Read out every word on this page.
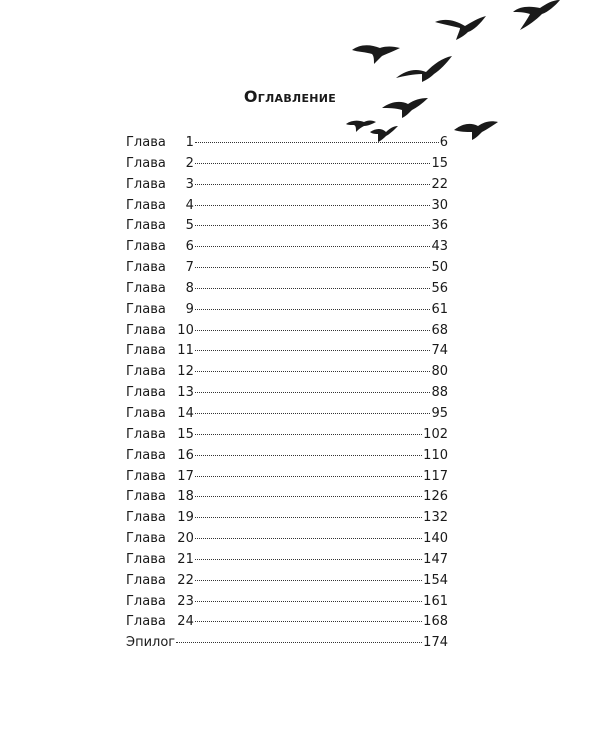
Оглавление
Глава	1	6
Глава	2	15
Глава	3	22
Глава	4	30
Глава	5	36
Глава	6	43
Глава	7	50
Глава	8	56
Глава	9	61
Глава 10	68
Глава 11	74
Глава 12	80
Глава 13	88
Глава 14	95
Глава 15	102
Глава 16	110
Глава 17	117
Глава 18	126
Глава 19	132
Глава 20	140
Глава 21	147
Глава 22	154
Глава 23	161
Глава 24	168
Эпилог	174
